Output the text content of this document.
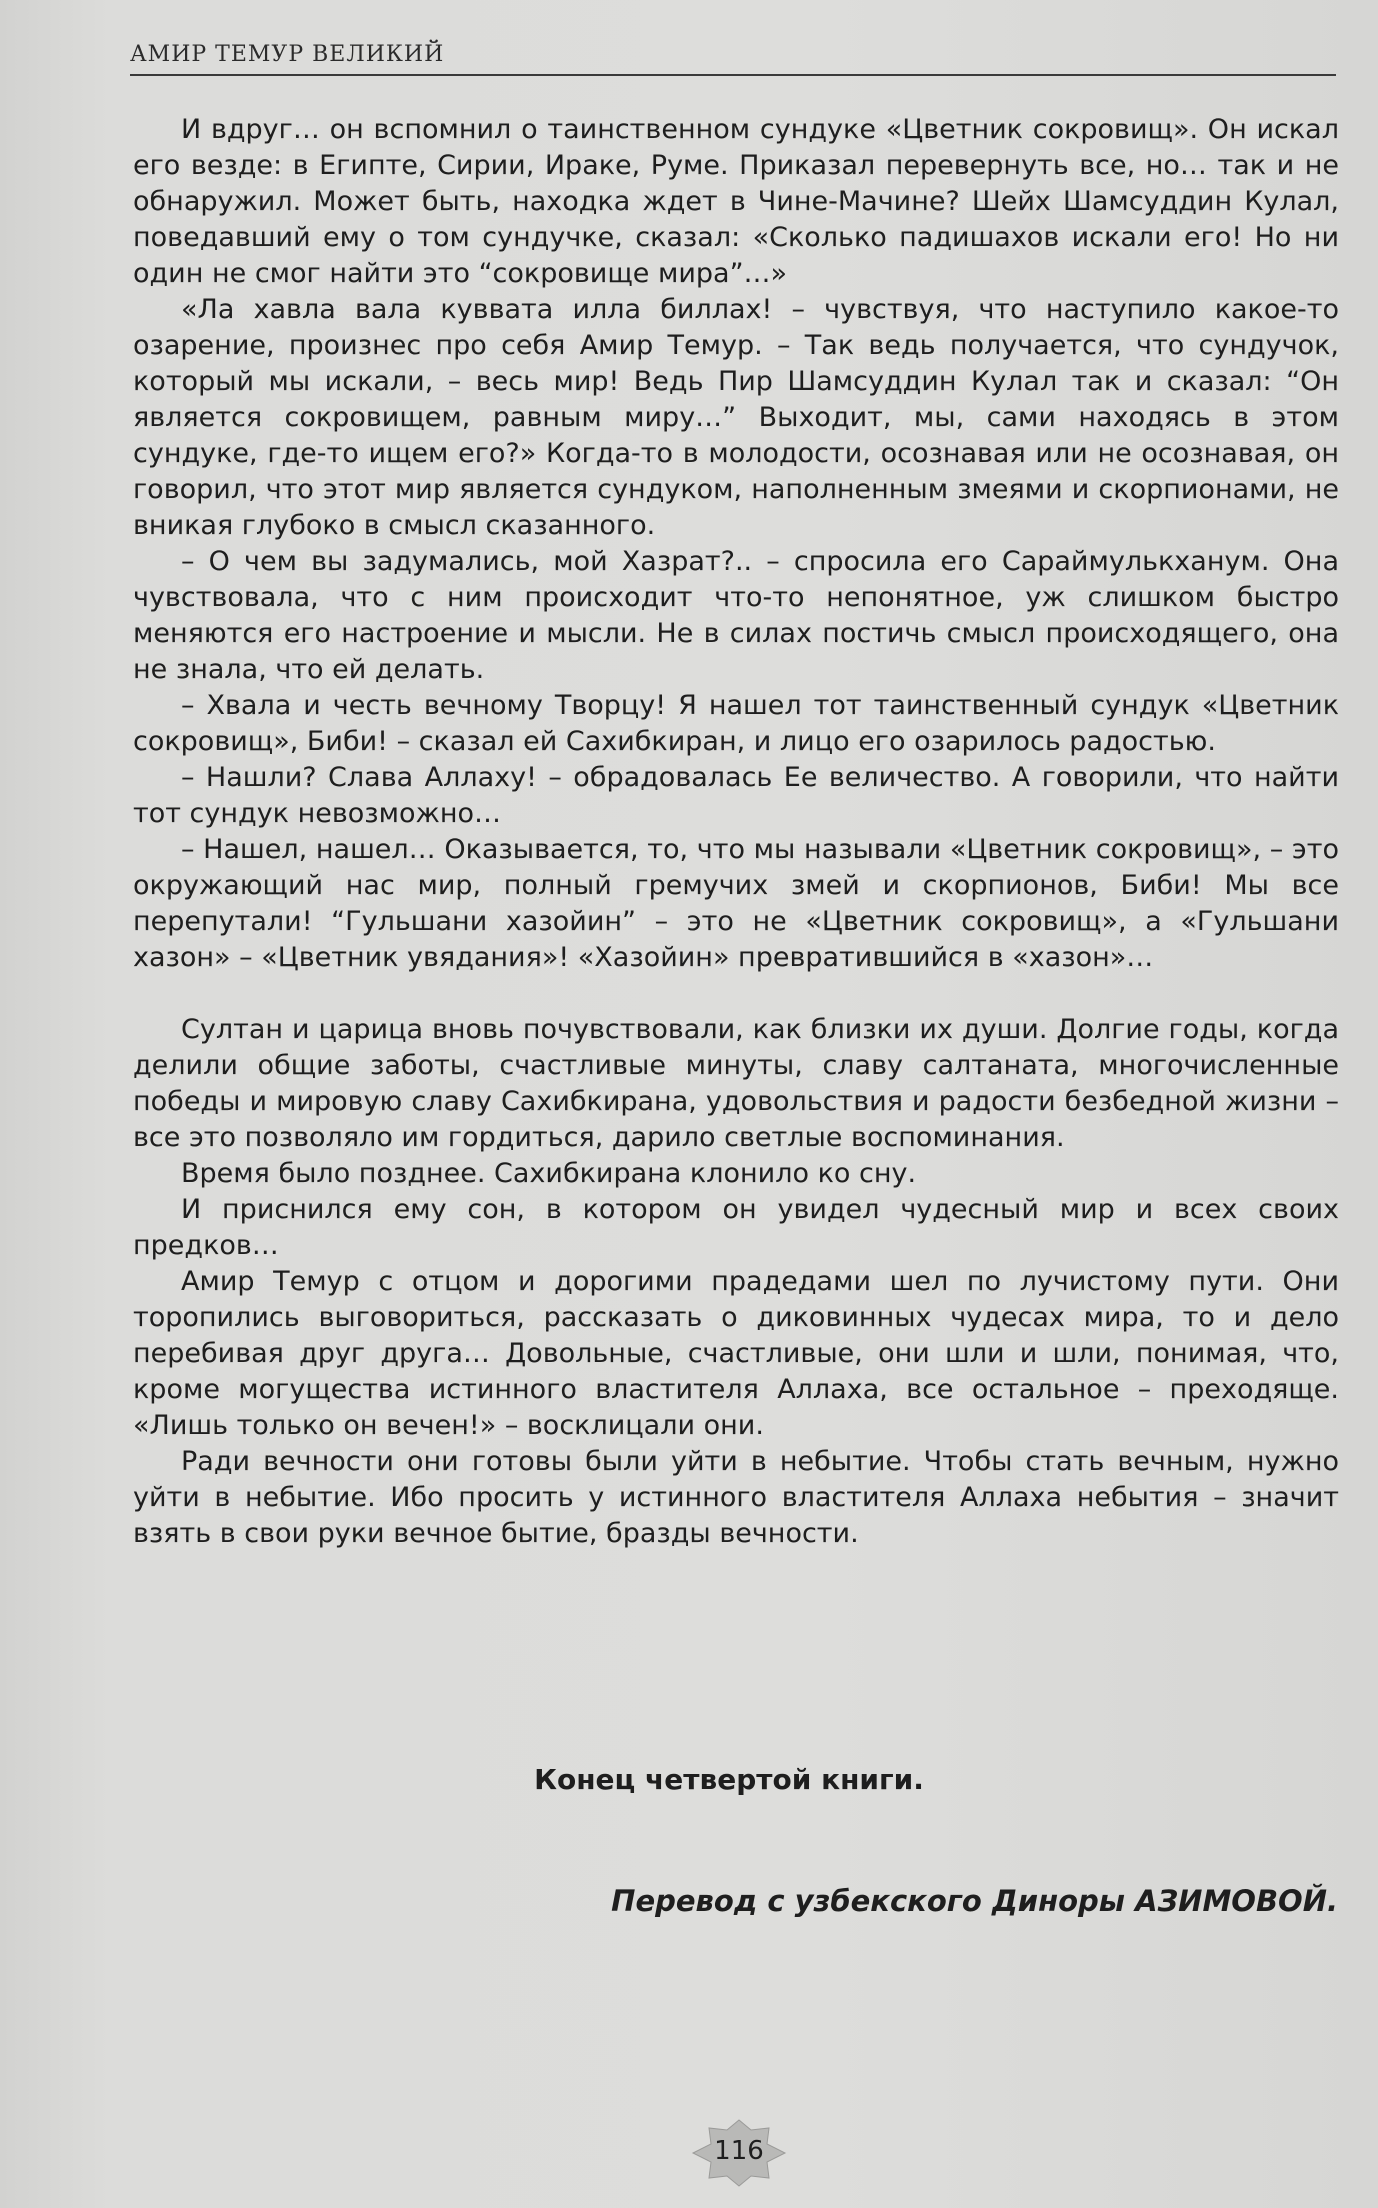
АМИР ТЕМУР ВЕЛИКИЙ

И вдруг… он вспомнил о таинственном сундуке «Цветник сокровищ». Он искал его везде: в Египте, Сирии, Ираке, Руме. Приказал перевернуть все, но… так и не обнаружил. Может быть, находка ждет в Чине-Мачине? Шейх Шамсуддин Кулал, поведавший ему о том сундучке, сказал: «Сколько падишахов искали его! Но ни один не смог найти это “сокровище мира”…»

«Ла хавла вала куввата илла биллах! – чувствуя, что наступило какое-то озарение, произнес про себя Амир Темур. – Так ведь получается, что сундучок, который мы искали, – весь мир! Ведь Пир Шамсуддин Кулал так и сказал: “Он является сокровищем, равным миру…” Выходит, мы, сами находясь в этом сундуке, где-то ищем его?» Когда-то в молодости, осознавая или не осознавая, он говорил, что этот мир является сундуком, наполненным змеями и скорпионами, не вникая глубоко в смысл сказанного.

– О чем вы задумались, мой Хазрат?.. – спросила его Сараймулькханум. Она чувствовала, что с ним происходит что-то непонятное, уж слишком быстро меняются его настроение и мысли. Не в силах постичь смысл происходящего, она не знала, что ей делать.

– Хвала и честь вечному Творцу! Я нашел тот таинственный сундук «Цветник сокровищ», Биби! – сказал ей Сахибкиран, и лицо его озарилось радостью.

– Нашли? Слава Аллаху! – обрадовалась Ее величество. А говорили, что найти тот сундук невозможно…

– Нашел, нашел… Оказывается, то, что мы называли «Цветник сокровищ», – это окружающий нас мир, полный гремучих змей и скорпионов, Биби! Мы все перепутали! “Гульшани хазойин” – это не «Цветник сокровищ», а «Гульшани хазон» – «Цветник увядания»! «Хазойин» превратившийся в «хазон»…

Султан и царица вновь почувствовали, как близки их души. Долгие годы, когда делили общие заботы, счастливые минуты, славу салтаната, многочисленные победы и мировую славу Сахибкирана, удовольствия и радости безбедной жизни – все это позволяло им гордиться, дарило светлые воспоминания.

Время было позднее. Сахибкирана клонило ко сну.

И приснился ему сон, в котором он увидел чудесный мир и всех своих предков…

Амир Темур с отцом и дорогими прадедами шел по лучистому пути. Они торопились выговориться, рассказать о диковинных чудесах мира, то и дело перебивая друг друга… Довольные, счастливые, они шли и шли, понимая, что, кроме могущества истинного властителя Аллаха, все остальное – преходяще. «Лишь только он вечен!» – восклицали они.

Ради вечности они готовы были уйти в небытие. Чтобы стать вечным, нужно уйти в небытие. Ибо просить у истинного властителя Аллаха небытия – значит взять в свои руки вечное бытие, бразды вечности.

Конец четвертой книги.
Перевод с узбекского Диноры АЗИМОВОЙ.
116
